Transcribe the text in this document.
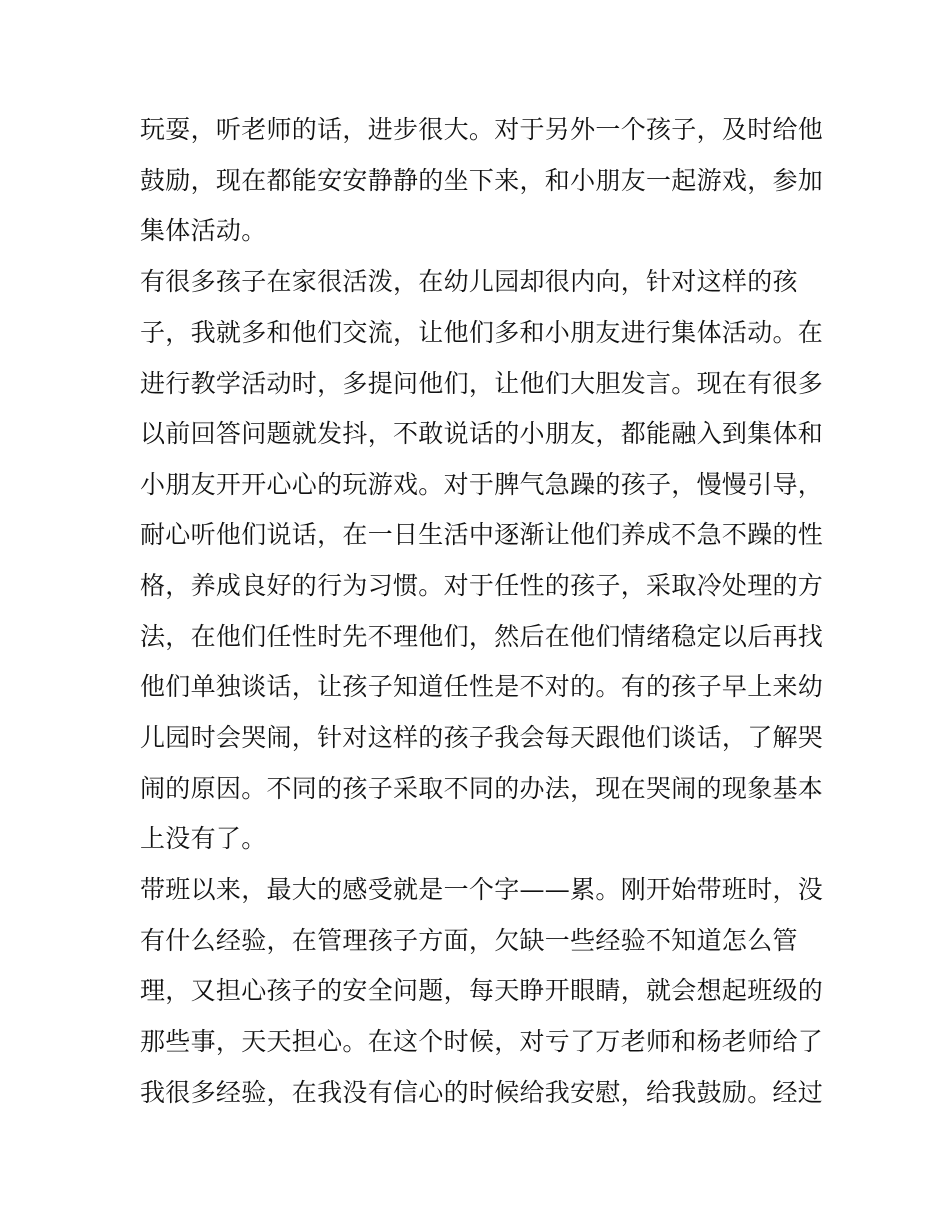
玩耍，听老师的话，进步很大。对于另外一个孩子，及时给他
鼓励，现在都能安安静静的坐下来，和小朋友一起游戏，参加
集体活动。
有很多孩子在家很活泼，在幼儿园却很内向，针对这样的孩
子，我就多和他们交流，让他们多和小朋友进行集体活动。在
进行教学活动时，多提问他们，让他们大胆发言。现在有很多
以前回答问题就发抖，不敢说话的小朋友，都能融入到集体和
小朋友开开心心的玩游戏。对于脾气急躁的孩子，慢慢引导，
耐心听他们说话，在一日生活中逐渐让他们养成不急不躁的性
格，养成良好的行为习惯。对于任性的孩子，采取冷处理的方
法，在他们任性时先不理他们，然后在他们情绪稳定以后再找
他们单独谈话，让孩子知道任性是不对的。有的孩子早上来幼
儿园时会哭闹，针对这样的孩子我会每天跟他们谈话，了解哭
闹的原因。不同的孩子采取不同的办法，现在哭闹的现象基本
上没有了。
带班以来，最大的感受就是一个字——累。刚开始带班时，没
有什么经验，在管理孩子方面，欠缺一些经验不知道怎么管
理，又担心孩子的安全问题，每天睁开眼睛，就会想起班级的
那些事，天天担心。在这个时候，对亏了万老师和杨老师给了
我很多经验，在我没有信心的时候给我安慰，给我鼓励。经过
